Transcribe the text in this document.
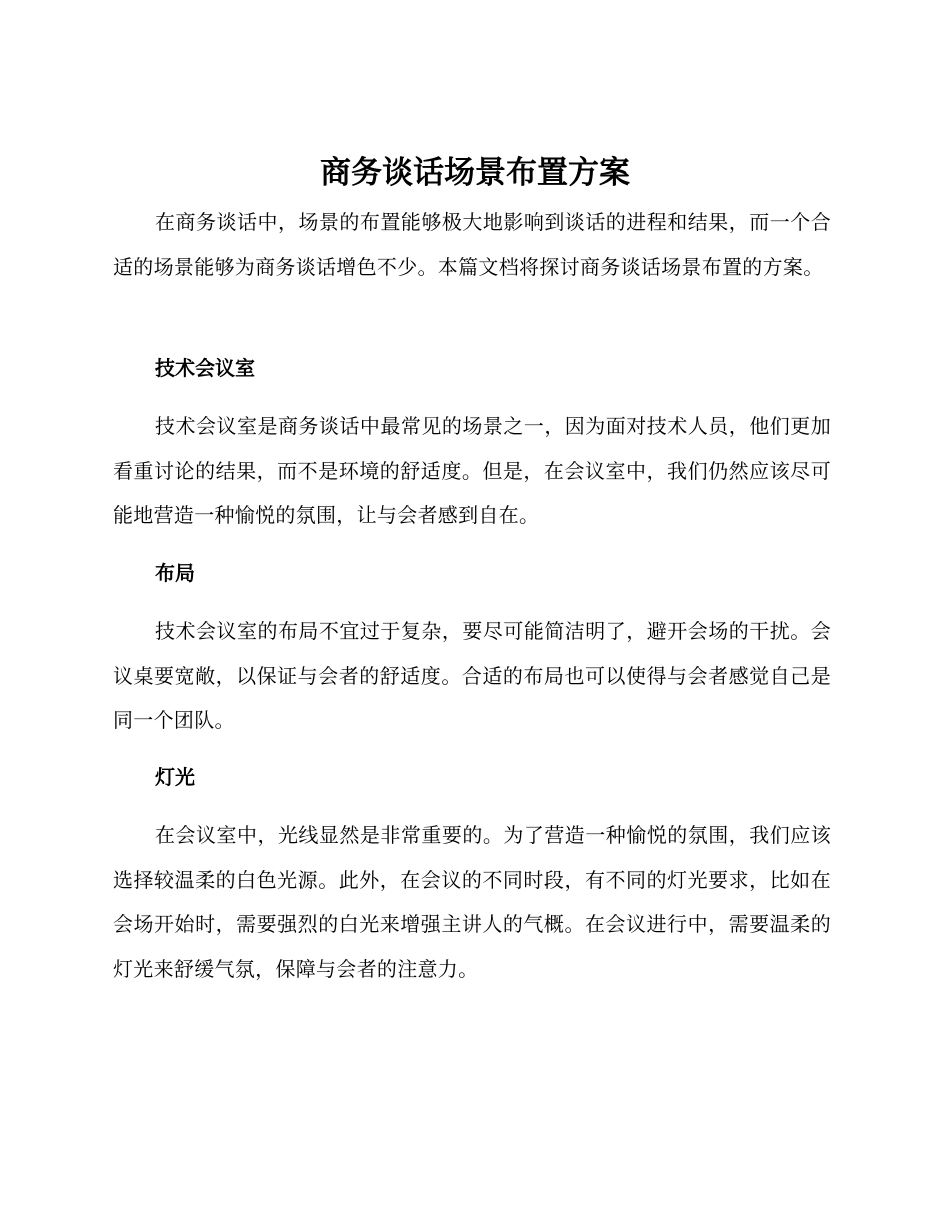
商务谈话场景布置方案

在商务谈话中，场景的布置能够极大地影响到谈话的进程和结果，而一个合适的场景能够为商务谈话增色不少。本篇文档将探讨商务谈话场景布置的方案。

技术会议室

技术会议室是商务谈话中最常见的场景之一，因为面对技术人员，他们更加看重讨论的结果，而不是环境的舒适度。但是，在会议室中，我们仍然应该尽可能地营造一种愉悦的氛围，让与会者感到自在。

布局

技术会议室的布局不宜过于复杂，要尽可能简洁明了，避开会场的干扰。会议桌要宽敞，以保证与会者的舒适度。合适的布局也可以使得与会者感觉自己是同一个团队。

灯光

在会议室中，光线显然是非常重要的。为了营造一种愉悦的氛围，我们应该选择较温柔的白色光源。此外，在会议的不同时段，有不同的灯光要求，比如在会场开始时，需要强烈的白光来增强主讲人的气概。在会议进行中，需要温柔的灯光来舒缓气氛，保障与会者的注意力。
